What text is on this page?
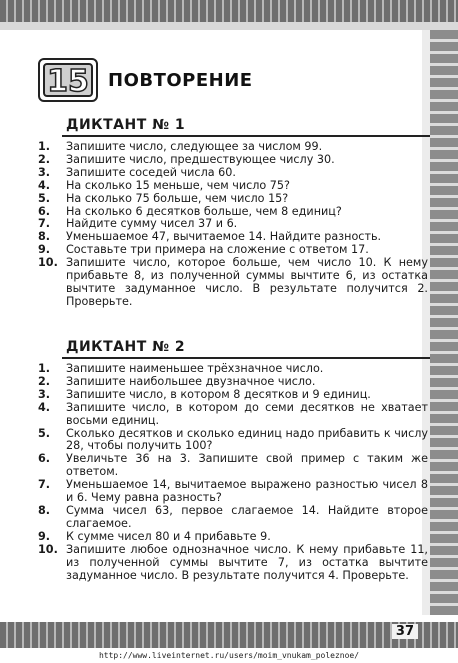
37
http://www.liveinternet.ru/users/moim_vnukam_poleznoe/
15 ПОВТОРЕНИЕ
ДИКТАНТ № 1
1.	Запишите число, следующее за числом 99.
2.	Запишите число, предшествующее числу 30.
3.	Запишите соседей числа 60.
4.	На сколько 15 меньше, чем число 75?
5.	На сколько 75 больше, чем число 15?
6.	На сколько 6 десятков больше, чем 8 единиц?
7.	Найдите сумму чисел 37 и 6.
8.	Уменьшаемое 47, вычитаемое 14. Найдите разность.
9.	Составьте три примера на сложение с ответом 17.
10. Запишите число, которое больше, чем число 10. К нему прибавьте 8, из полученной суммы вычтите 6, из остатка вычтите задуманное число. В результате получится 2. Проверьте.
ДИКТАНТ № 2
1.	Запишите наименьшее трёхзначное число.
2.	Запишите наибольшее двузначное число.
3.	Запишите число, в котором 8 десятков и 9 единиц.
4.	Запишите число, в котором до семи десятков не хватает восьми единиц.
5.	Сколько десятков и сколько единиц надо прибавить к числу 28, чтобы получить 100?
6.	Увеличьте 36 на 3. Запишите свой пример с таким же ответом.
7.	Уменьшаемое 14, вычитаемое выражено разностью чисел 8 и 6. Чему равна разность?
8.	Сумма чисел 63, первое слагаемое 14. Найдите второе слагаемое.
9.	К сумме чисел 80 и 4 прибавьте 9.
10. Запишите любое однозначное число. К нему прибавьте 11, из полученной суммы вычтите 7, из остатка вычтите задуманное число. В результате получится 4. Проверьте.
